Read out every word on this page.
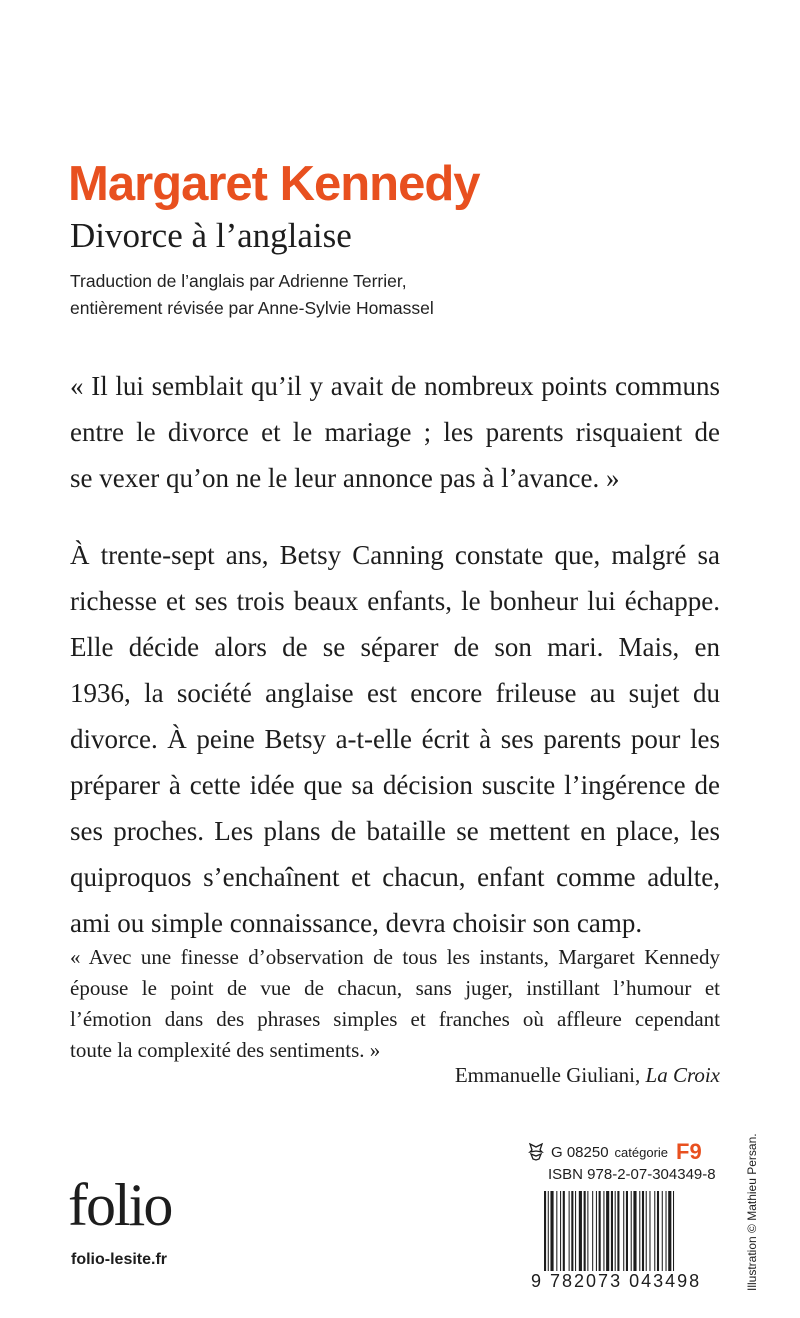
Margaret Kennedy
Divorce à l’anglaise
Traduction de l’anglais par Adrienne Terrier,
entièrement révisée par Anne-Sylvie Homassel
« Il lui semblait qu’il y avait de nombreux points communs
entre le divorce et le mariage ; les parents risquaient de
se vexer qu’on ne le leur annonce pas à l’avance. »
À trente-sept ans, Betsy Canning constate que, malgré sa
richesse et ses trois beaux enfants, le bonheur lui échappe.
Elle décide alors de se séparer de son mari. Mais, en
1936, la société anglaise est encore frileuse au sujet du
divorce. À peine Betsy a-t-elle écrit à ses parents pour les
préparer à cette idée que sa décision suscite l’ingérence de
ses proches. Les plans de bataille se mettent en place, les
quiproquos s’enchaînent et chacun, enfant comme adulte,
ami ou simple connaissance, devra choisir son camp.
« Avec une finesse d’observation de tous les instants, Margaret Kennedy
épouse le point de vue de chacun, sans juger, instillant l’humour et
l’émotion dans des phrases simples et franches où affleure cependant
toute la complexité des sentiments. »
Emmanuelle Giuliani, La Croix
folio
folio-lesite.fr
G 08250 catégorie F9
ISBN 978-2-07-304349-8
9 782073 043498	Illustration © Mathieu Persan.
